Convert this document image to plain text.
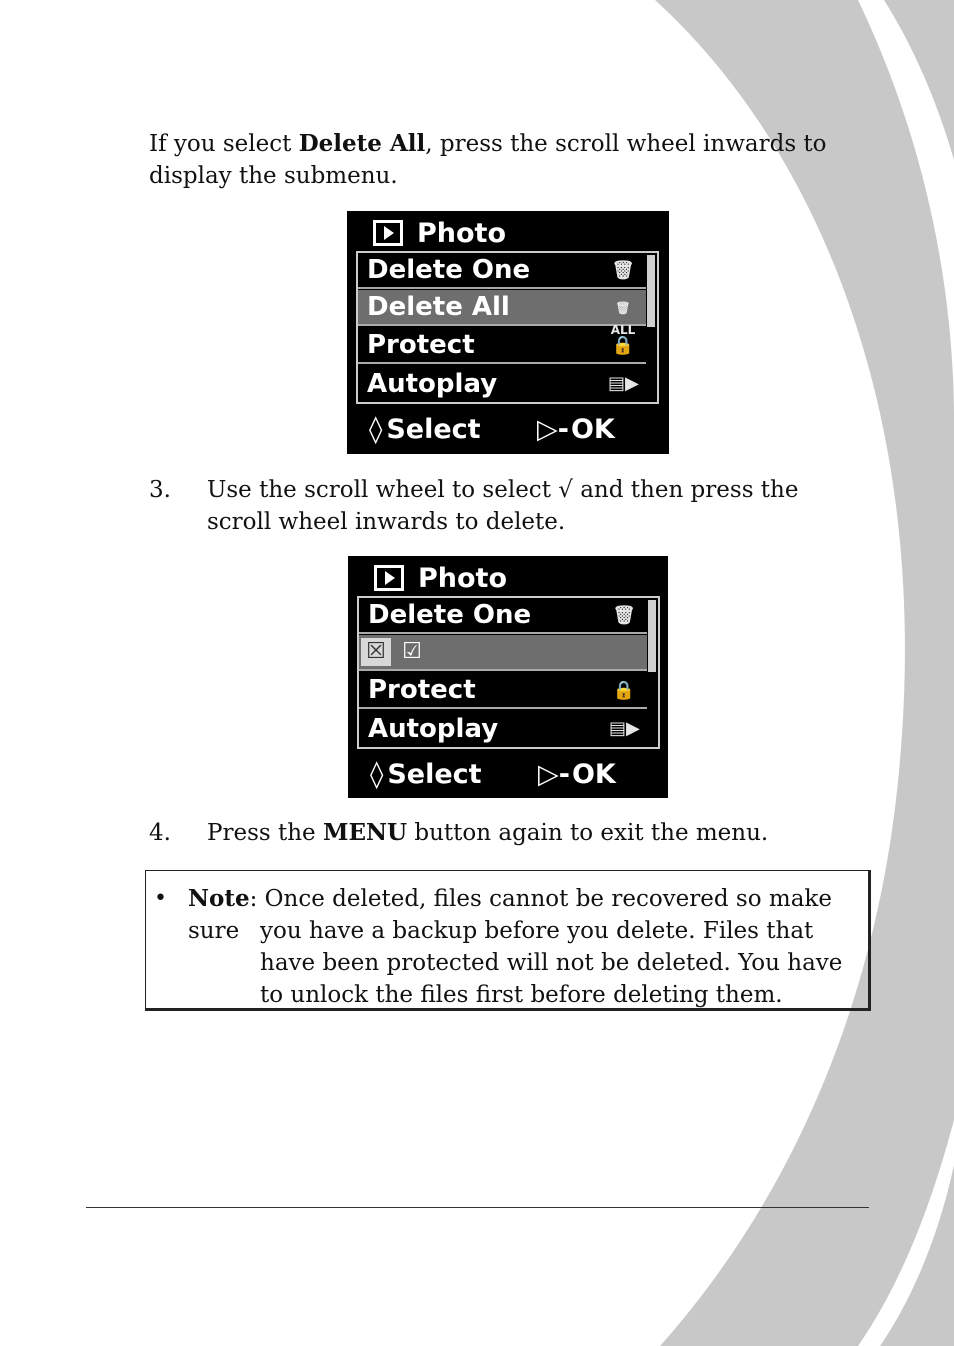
If you select Delete All, press the scroll wheel inwards to display the submenu.
Photo
Delete One	🗑
Delete All	🗑ALL
Protect	🔒
Autoplay	▤▶
◊ Select ▷- OK
3. Use the scroll wheel to select √ and then press the scroll wheel inwards to delete.
Photo
Delete One	🗑
☒ ☑
Protect	🔒
Autoplay	▤▶
◊ Select ▷- OK
4. Press the MENU button again to exit the menu.
• Note: Once deleted, files cannot be recovered so make sure you have a backup before you delete. Files that have been protected will not be deleted. You have to unlock the files first before deleting them.
